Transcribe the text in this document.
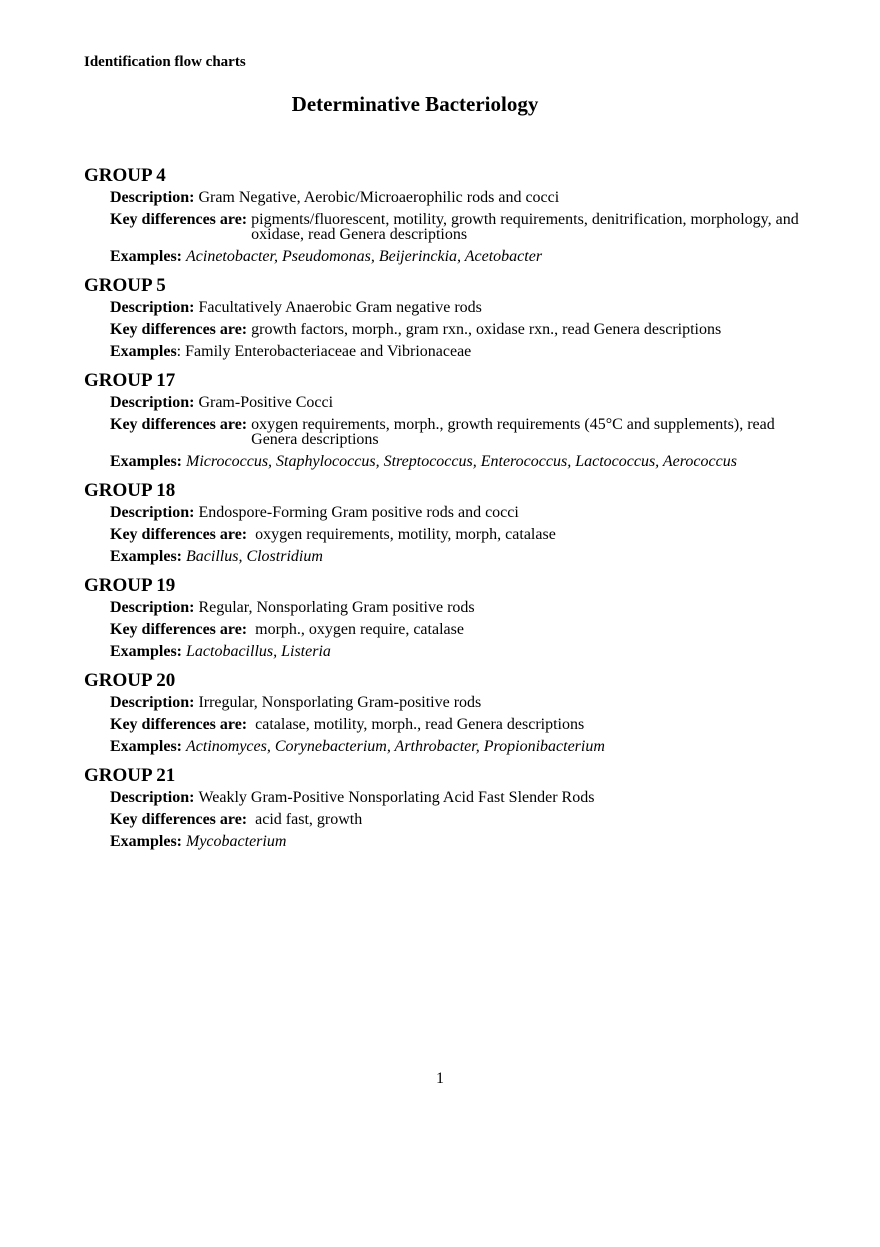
Identification flow charts
Determinative Bacteriology
GROUP 4
Description: Gram Negative, Aerobic/Microaerophilic rods and cocci
Key differences are: pigments/fluorescent, motility, growth requirements, denitrification, morphology, and oxidase, read Genera descriptions
Examples: Acinetobacter, Pseudomonas, Beijerinckia, Acetobacter
GROUP 5
Description: Facultatively Anaerobic Gram negative rods
Key differences are: growth factors, morph., gram rxn., oxidase rxn., read Genera descriptions
Examples : Family Enterobacteriaceae and Vibrionaceae
GROUP 17
Description: Gram-Positive Cocci
Key differences are: oxygen requirements, morph., growth requirements (45°C and supplements), read Genera descriptions
Examples: Micrococcus, Staphylococcus, Streptococcus, Enterococcus, Lactococcus, Aerococcus
GROUP 18
Description: Endospore-Forming Gram positive rods and cocci
Key differences are: oxygen requirements, motility, morph, catalase
Examples: Bacillus, Clostridium
GROUP 19
Description: Regular, Nonsporlating Gram positive rods
Key differences are: morph., oxygen require, catalase
Examples: Lactobacillus, Listeria
GROUP 20
Description: Irregular, Nonsporlating Gram-positive rods
Key differences are: catalase, motility, morph., read Genera descriptions
Examples: Actinomyces, Corynebacterium, Arthrobacter, Propionibacterium
GROUP 21
Description: Weakly Gram-Positive Nonsporlating Acid Fast Slender Rods
Key differences are: acid fast, growth
Examples: Mycobacterium
1
